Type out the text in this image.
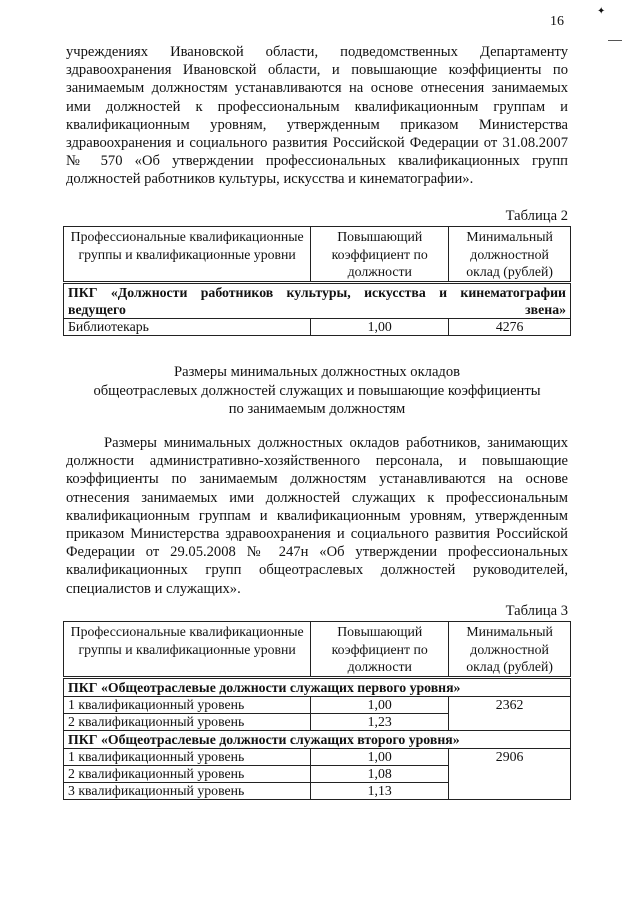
16
✦
учреждениях Ивановской области, подведомственных Департаменту здравоохранения Ивановской области, и повышающие коэффициенты по занимаемым должностям устанавливаются на основе отнесения занимаемых ими должностей к профессиональным квалификационным группам и квалификационным уровням, утвержденным приказом Министерства здравоохранения и социального развития Российской Федерации от 31.08.2007 № 570 «Об утверждении профессиональных квалификационных групп должностей работников культуры, искусства и кинематографии».
Таблица 2
Профессиональные квалификационные группы и квалификационные уровни	Повышающий коэффициент по должности	Минимальный должностной оклад (рублей)
ПКГ «Должности работников культуры, искусства и кинематографии ведущего звена»		
Библиотекарь	1,00	4276
Размеры минимальных должностных окладов
общеотраслевых должностей служащих и повышающие коэффициенты
по занимаемым должностям
Размеры минимальных должностных окладов работников, занимающих должности административно-хозяйственного персонала, и повышающие коэффициенты по занимаемым должностям устанавливаются на основе отнесения занимаемых ими должностей служащих к профессиональным квалификационным группам и квалификационным уровням, утвержденным приказом Министерства здравоохранения и социального развития Российской Федерации от 29.05.2008 № 247н «Об утверждении профессиональных квалификационных групп общеотраслевых должностей руководителей, специалистов и служащих».
Таблица 3
Профессиональные квалификационные группы и квалификационные уровни	Повышающий коэффициент по должности	Минимальный должностной оклад (рублей)
ПКГ «Общеотраслевые должности служащих первого уровня»		
1 квалификационный уровень	1,00	2362
2 квалификационный уровень	1,23	
ПКГ «Общеотраслевые должности служащих второго уровня»		
1 квалификационный уровень	1,00	2906
2 квалификационный уровень	1,08	
3 квалификационный уровень	1,13	
